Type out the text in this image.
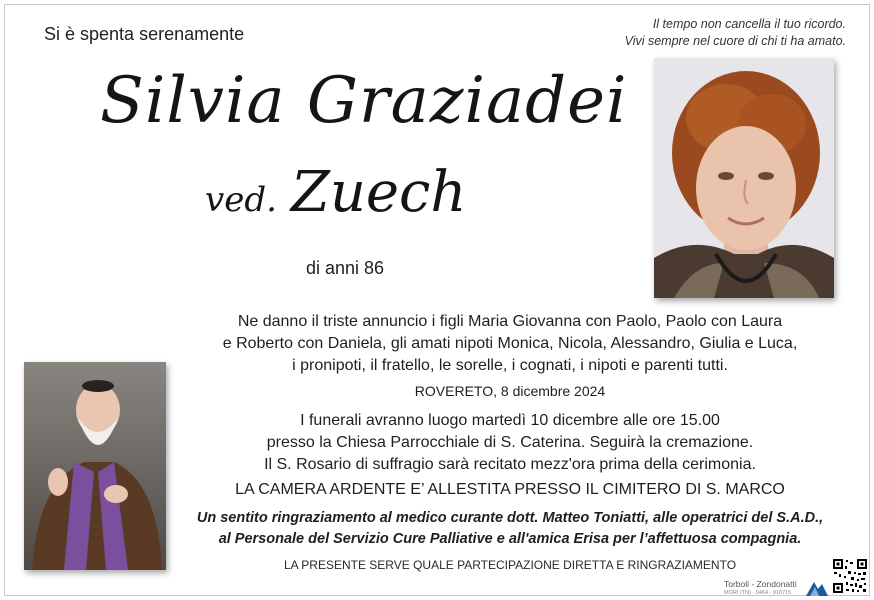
Si è spenta serenamente	Il tempo non cancella il tuo ricordo.
Vivi sempre nel cuore di chi ti ha amato.
Silvia Graziadei
ved. Zuech
di anni 86
Ne danno il triste annuncio i figli Maria Giovanna con Paolo, Paolo con Laura
e Roberto con Daniela, gli amati nipoti Monica, Nicola, Alessandro, Giulia e Luca,
i pronipoti, il fratello, le sorelle, i cognati, i nipoti e parenti tutti.
ROVERETO, 8 dicembre 2024
I funerali avranno luogo martedì 10 dicembre alle ore 15.00
presso la Chiesa Parrocchiale di S. Caterina. Seguirà la cremazione.
Il S. Rosario di suffragio sarà recitato mezz'ora prima della cerimonia.
LA CAMERA ARDENTE E’ ALLESTITA PRESSO IL CIMITERO DI S. MARCO
Un sentito ringraziamento al medico curante dott. Matteo Toniatti, alle operatrici del S.A.D.,
al Personale del Servizio Cure Palliative e all'amica Erisa per l’affettuosa compagnia.
LA PRESENTE SERVE QUALE PARTECIPAZIONE DIRETTA E RINGRAZIAMENTO
Torboli - Zondonatti
MORI (TN) · 0464 - 918715
